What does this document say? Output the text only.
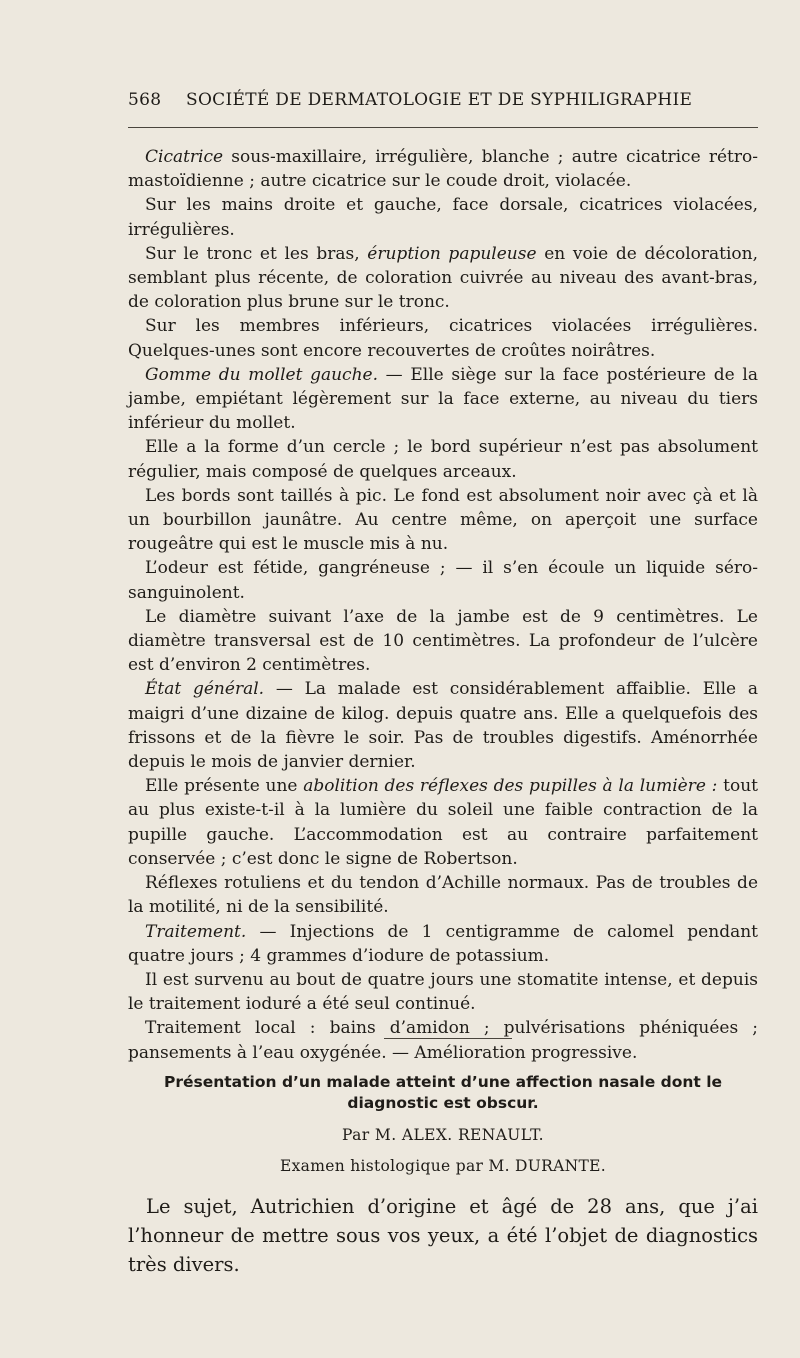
568 SOCIÉTÉ DE DERMATOLOGIE ET DE SYPHILIGRAPHIE

Cicatrice sous-maxillaire, irrégulière, blanche ; autre cicatrice rétro-mastoïdienne ; autre cicatrice sur le coude droit, violacée.

Sur les mains droite et gauche, face dorsale, cicatrices violacées, irrégulières.

Sur le tronc et les bras, éruption papuleuse en voie de décoloration, semblant plus récente, de coloration cuivrée au niveau des avant-bras, de coloration plus brune sur le tronc.

Sur les membres inférieurs, cicatrices violacées irrégulières. Quelques-unes sont encore recouvertes de croûtes noirâtres.

Gomme du mollet gauche. — Elle siège sur la face postérieure de la jambe, empiétant légèrement sur la face externe, au niveau du tiers inférieur du mollet.

Elle a la forme d’un cercle ; le bord supérieur n’est pas absolument régulier, mais composé de quelques arceaux.

Les bords sont taillés à pic. Le fond est absolument noir avec çà et là un bourbillon jaunâtre. Au centre même, on aperçoit une surface rougeâtre qui est le muscle mis à nu.

L’odeur est fétide, gangréneuse ; — il s’en écoule un liquide séro-sanguinolent.

Le diamètre suivant l’axe de la jambe est de 9 centimètres. Le diamètre transversal est de 10 centimètres. La profondeur de l’ulcère est d’environ 2 centimètres.

État général. — La malade est considérablement affaiblie. Elle a maigri d’une dizaine de kilog. depuis quatre ans. Elle a quelquefois des frissons et de la fièvre le soir. Pas de troubles digestifs. Aménorrhée depuis le mois de janvier dernier.

Elle présente une abolition des réflexes des pupilles à la lumière : tout au plus existe-t-il à la lumière du soleil une faible contraction de la pupille gauche. L’accommodation est au contraire parfaitement conservée ; c’est donc le signe de Robertson.

Réflexes rotuliens et du tendon d’Achille normaux. Pas de troubles de la motilité, ni de la sensibilité.

Traitement. — Injections de 1 centigramme de calomel pendant quatre jours ; 4 grammes d’iodure de potassium.

Il est survenu au bout de quatre jours une stomatite intense, et depuis le traitement ioduré a été seul continué.

Traitement local : bains d’amidon ; pulvérisations phéniquées ; pansements à l’eau oxygénée. — Amélioration progressive.

Présentation d’un malade atteint d’une affection nasale dont le diagnostic est obscur.
Par M. ALEX. RENAULT.
Examen histologique par M. DURANTE.

Le sujet, Autrichien d’origine et âgé de 28 ans, que j’ai l’honneur de mettre sous vos yeux, a été l’objet de diagnostics très divers.
